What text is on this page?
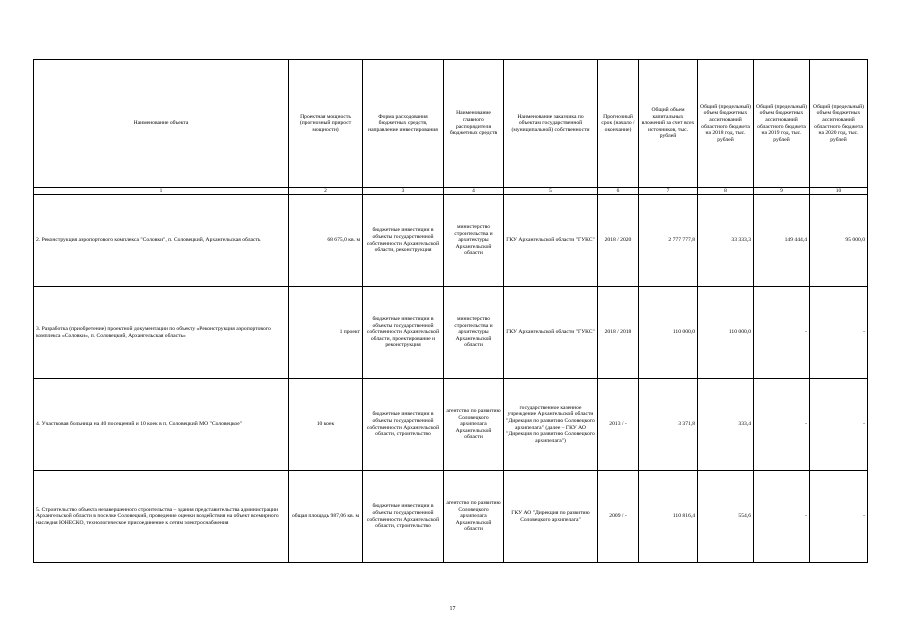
Наименование объекта	Проектная мощность (прогнозный прирост мощности)	Форма расходования бюджетных средств, направление инвестирования	Наименование главного распорядителя бюджетных средств	Наименование заказчика по объектам государственной (муниципальной) собственности	Прогнозный срок (начало / окончание)	Общий объем капитальных вложений за счет всех источников, тыс. рублей	Общий (предельный) объем бюджетных ассигнований областного бюджета на 2018 год, тыс. рублей	Общий (предельный) объем бюджетных ассигнований областного бюджета на 2019 год, тыс. рублей	Общий (предельный) объем бюджетных ассигнований областного бюджета на 2020 год, тыс. рублей
1	2	3	4	5	6	7	8	9	10
2. Реконструкция аэропортового комплекса "Соловки", п. Соловецкий, Архангельская область	68 675,0 кв. м	бюджетные инвестиции в объекты государственной собственности Архангельской области, реконструкция	министерство строительства и архитектуры Архангельской области	ГКУ Архангельской области "ГУКС"	2018 / 2020	2 777 777,8	33 333,3	149 444,4	95 000,0
3. Разработка (приобретение) проектной документации по объекту «Реконструкция аэропортового комплекса «Соловки», п. Соловецкий, Архангельская область»	1 проект	бюджетные инвестиции в объекты государственной собственности Архангельской области, проектирование и реконструкция	министерство строительства и архитектуры Архангельской области	ГКУ Архангельской области "ГУКС"	2018 / 2018	110 000,0	110 000,0	-	-
4. Участковая больница на 40 посещений и 10 коек в п. Соловецкий МО "Соловецкое"	10 коек	бюджетные инвестиции в объекты государственной собственности Архангельской области, строительство	агентство по развитию Соловецкого архипелага Архангельской области	государственное казенное учреждение Архангельской области "Дирекция по развитию Соловецкого архипелага" (далее – ГКУ АО "Дирекция по развитию Соловецкого архипелага")	2013 / -	3 371,8	333,4	-	-
5. Строительство объекта незавершенного строительства – здания представительства администрации Архангельской области в поселке Соловецкий, проведение оценки воздействия на объект всемирного наследия ЮНЕСКО, технологическое присоединение к сетям электроснабжения	общая площадь 987,06 кв. м	бюджетные инвестиции в объекты государственной собственности Архангельской области, строительство	агентство по развитию Соловецкого архипелага Архангельской области	ГКУ АО "Дирекция по развитию Соловецкого архипелага"	2009 / -	110 816,4	554,6	-	-
17
